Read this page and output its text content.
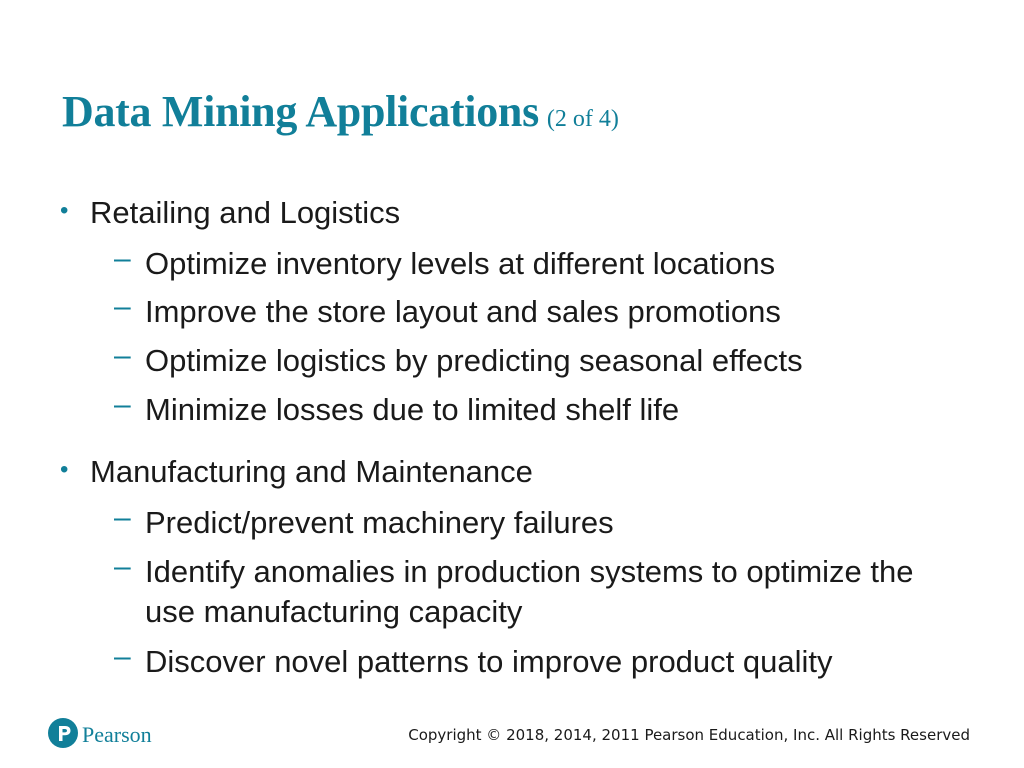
Data Mining Applications (2 of 4)
• Retailing and Logistics
– Optimize inventory levels at different locations
– Improve the store layout and sales promotions
– Optimize logistics by predicting seasonal effects
– Minimize losses due to limited shelf life
• Manufacturing and Maintenance
– Predict/prevent machinery failures
– Identify anomalies in production systems to optimize the use manufacturing capacity
– Discover novel patterns to improve product quality
Pearson	Copyright © 2018, 2014, 2011 Pearson Education, Inc. All Rights Reserved
